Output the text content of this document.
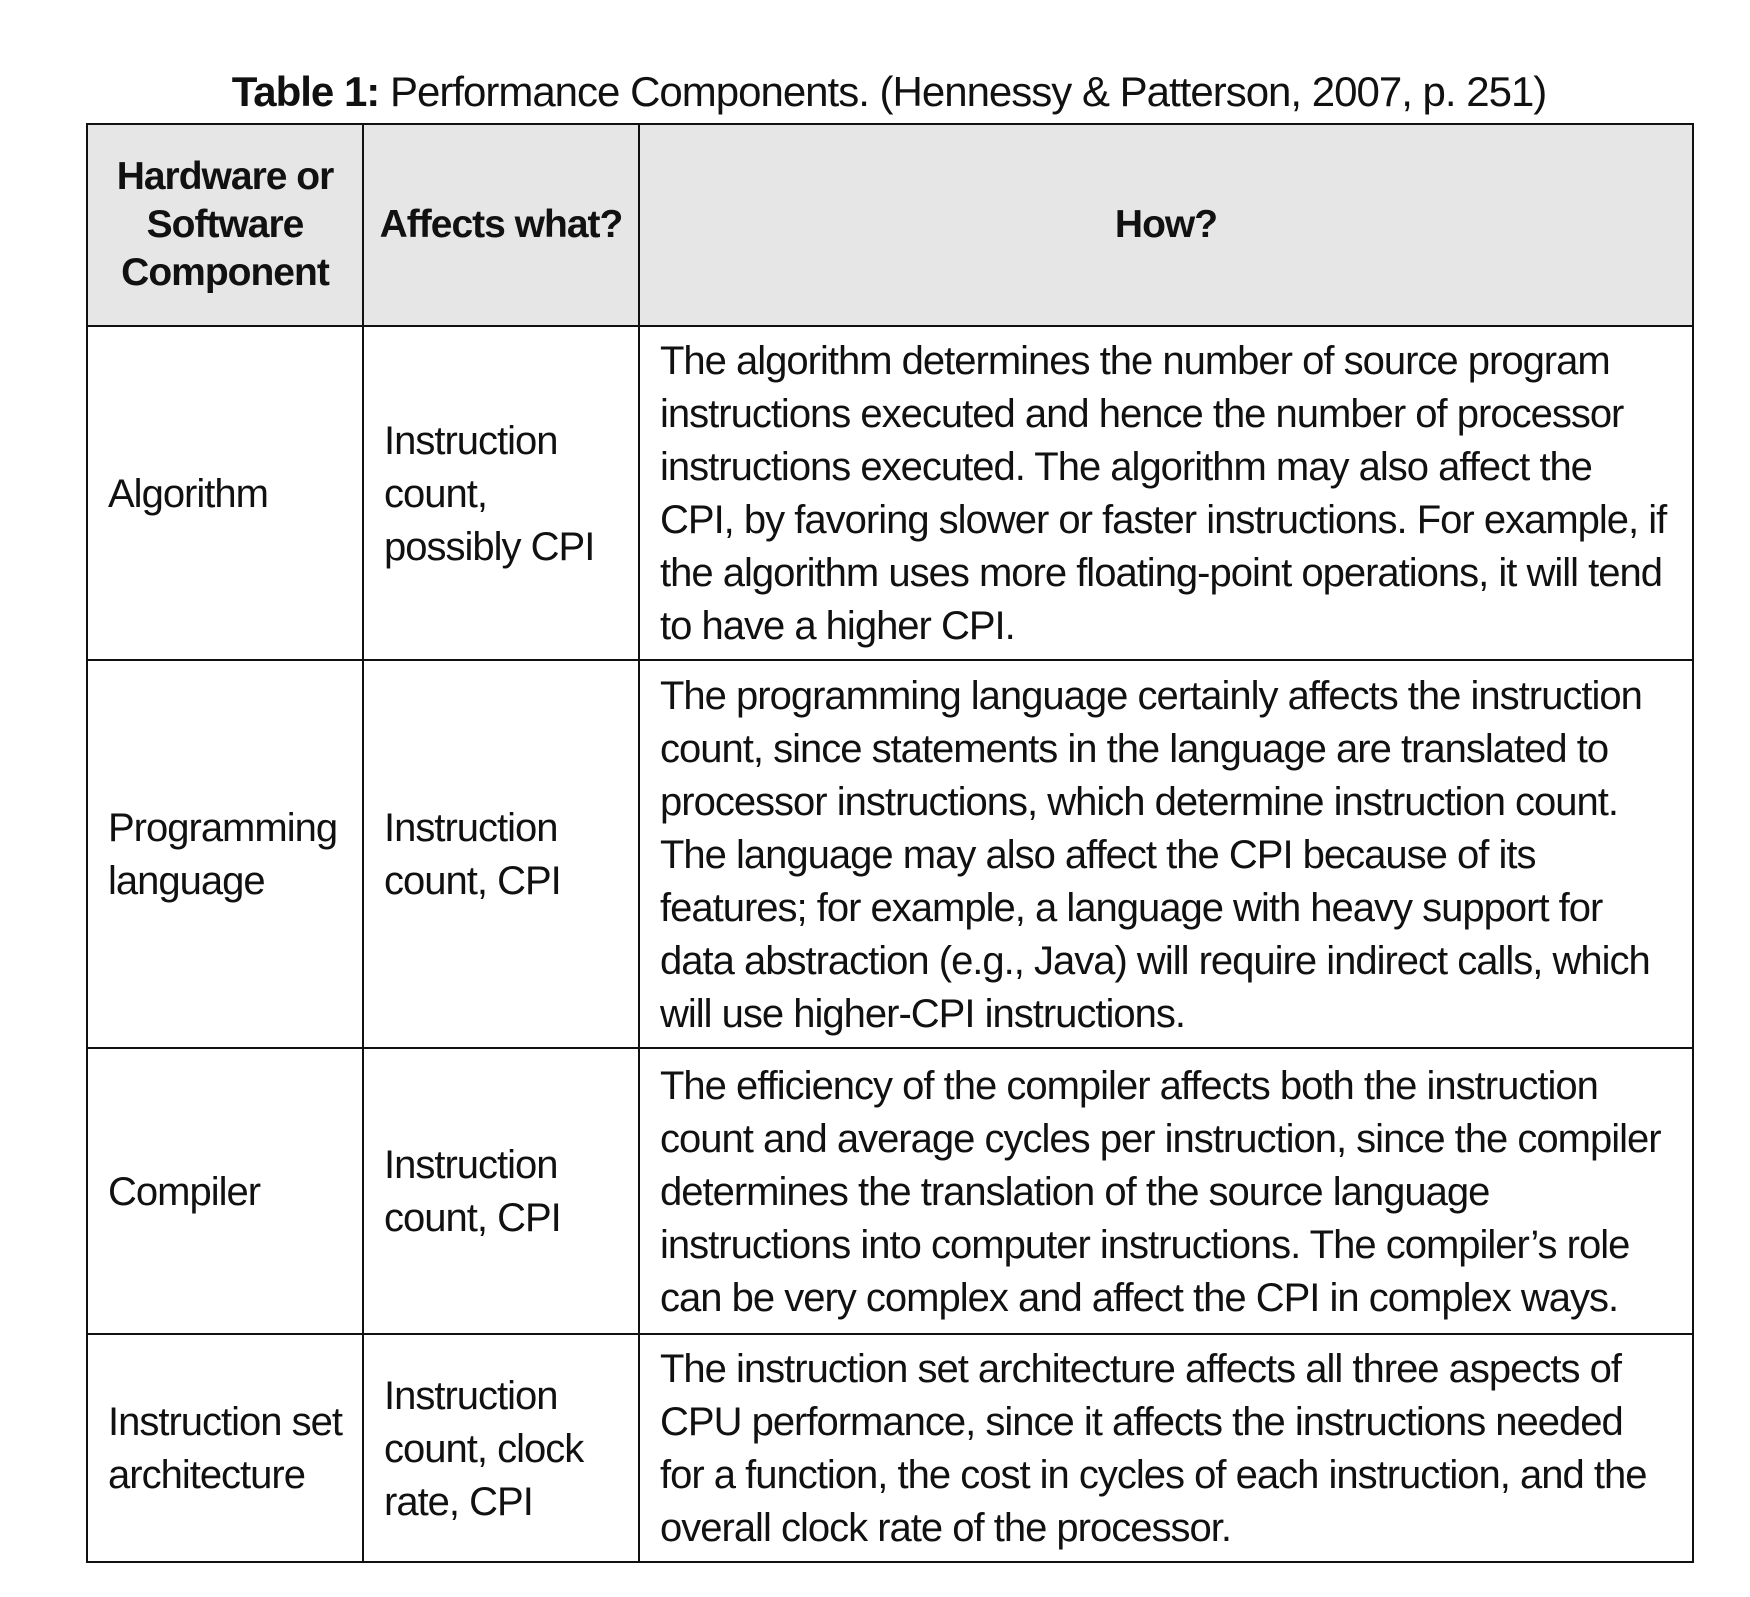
Table 1: Performance Components. (Hennessy & Patterson, 2007, p. 251)
Hardware or Software Component	Affects what?	How?
Algorithm	Instruction count, possibly CPI	The algorithm determines the number of source program instructions executed and hence the number of processor instructions executed. The algorithm may also affect the CPI, by favoring slower or faster instructions. For example, if the algorithm uses more floating-point operations, it will tend to have a higher CPI.
Programming language	Instruction count, CPI	The programming language certainly affects the instruction count, since statements in the language are translated to processor instructions, which determine instruction count. The language may also affect the CPI because of its features; for example, a language with heavy support for data abstraction (e.g., Java) will require indirect calls, which will use higher-CPI instructions.
Compiler	Instruction count, CPI	The efficiency of the compiler affects both the instruction count and average cycles per instruction, since the compiler determines the translation of the source language instructions into computer instructions. The compiler’s role can be very complex and affect the CPI in complex ways.
Instruction set architecture	Instruction count, clock rate, CPI	The instruction set architecture affects all three aspects of CPU performance, since it affects the instructions needed for a function, the cost in cycles of each instruction, and the overall clock rate of the processor.
